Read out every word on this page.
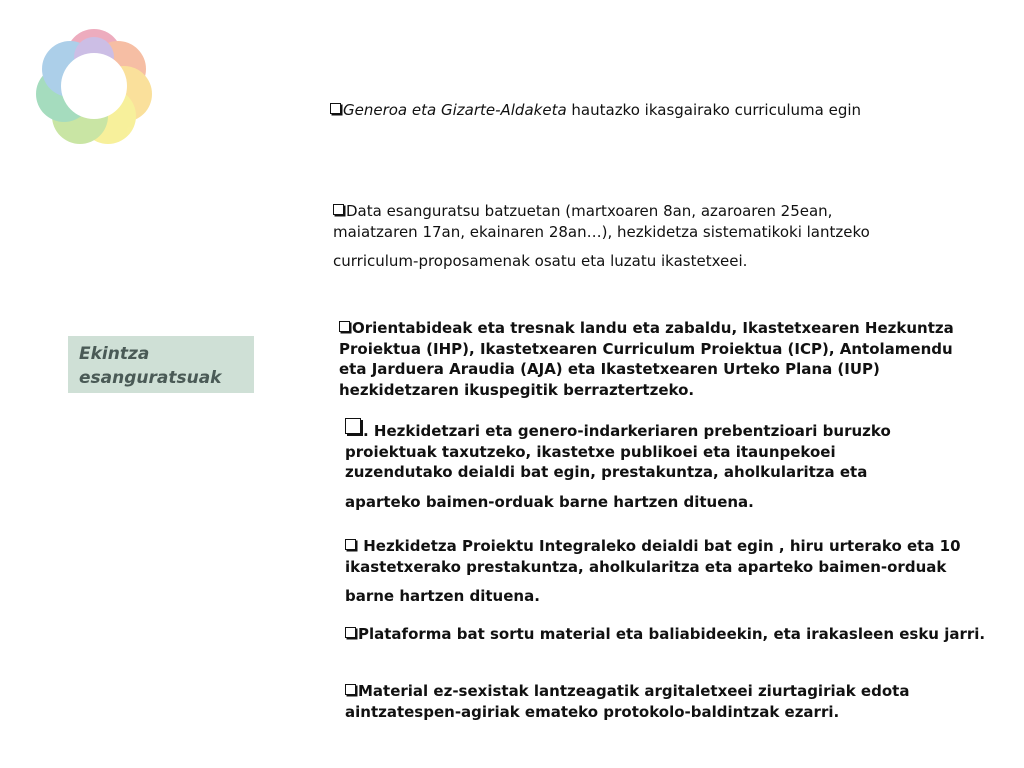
Ekintza
esanguratsuak
Generoa eta Gizarte-Aldaketa hautazko ikasgairako curriculuma egin
Data esanguratsu batzuetan (martxoaren 8an, azaroaren 25ean,
maiatzaren 17an, ekainaren 28an…), hezkidetza sistematikoki lantzeko
curriculum-proposamenak osatu eta luzatu ikastetxeei.
Orientabideak eta tresnak landu eta zabaldu, Ikastetxearen Hezkuntza
Proiektua (IHP), Ikastetxearen Curriculum Proiektua (ICP), Antolamendu
eta Jarduera Araudia (AJA) eta Ikastetxearen Urteko Plana (IUP)
hezkidetzaren ikuspegitik berraztertzeko.
. Hezkidetzari eta genero-indarkeriaren prebentzioari buruzko
proiektuak taxutzeko, ikastetxe publikoei eta itaunpekoei
zuzendutako deialdi bat egin, prestakuntza, aholkularitza eta
aparteko baimen-orduak barne hartzen dituena.
Hezkidetza Proiektu Integraleko deialdi bat egin , hiru urterako eta 10
ikastetxerako prestakuntza, aholkularitza eta aparteko baimen-orduak
barne hartzen dituena.
Plataforma bat sortu material eta baliabideekin, eta irakasleen esku jarri.
Material ez-sexistak lantzeagatik argitaletxeei ziurtagiriak edota
aintzatespen-agiriak emateko protokolo-baldintzak ezarri.
